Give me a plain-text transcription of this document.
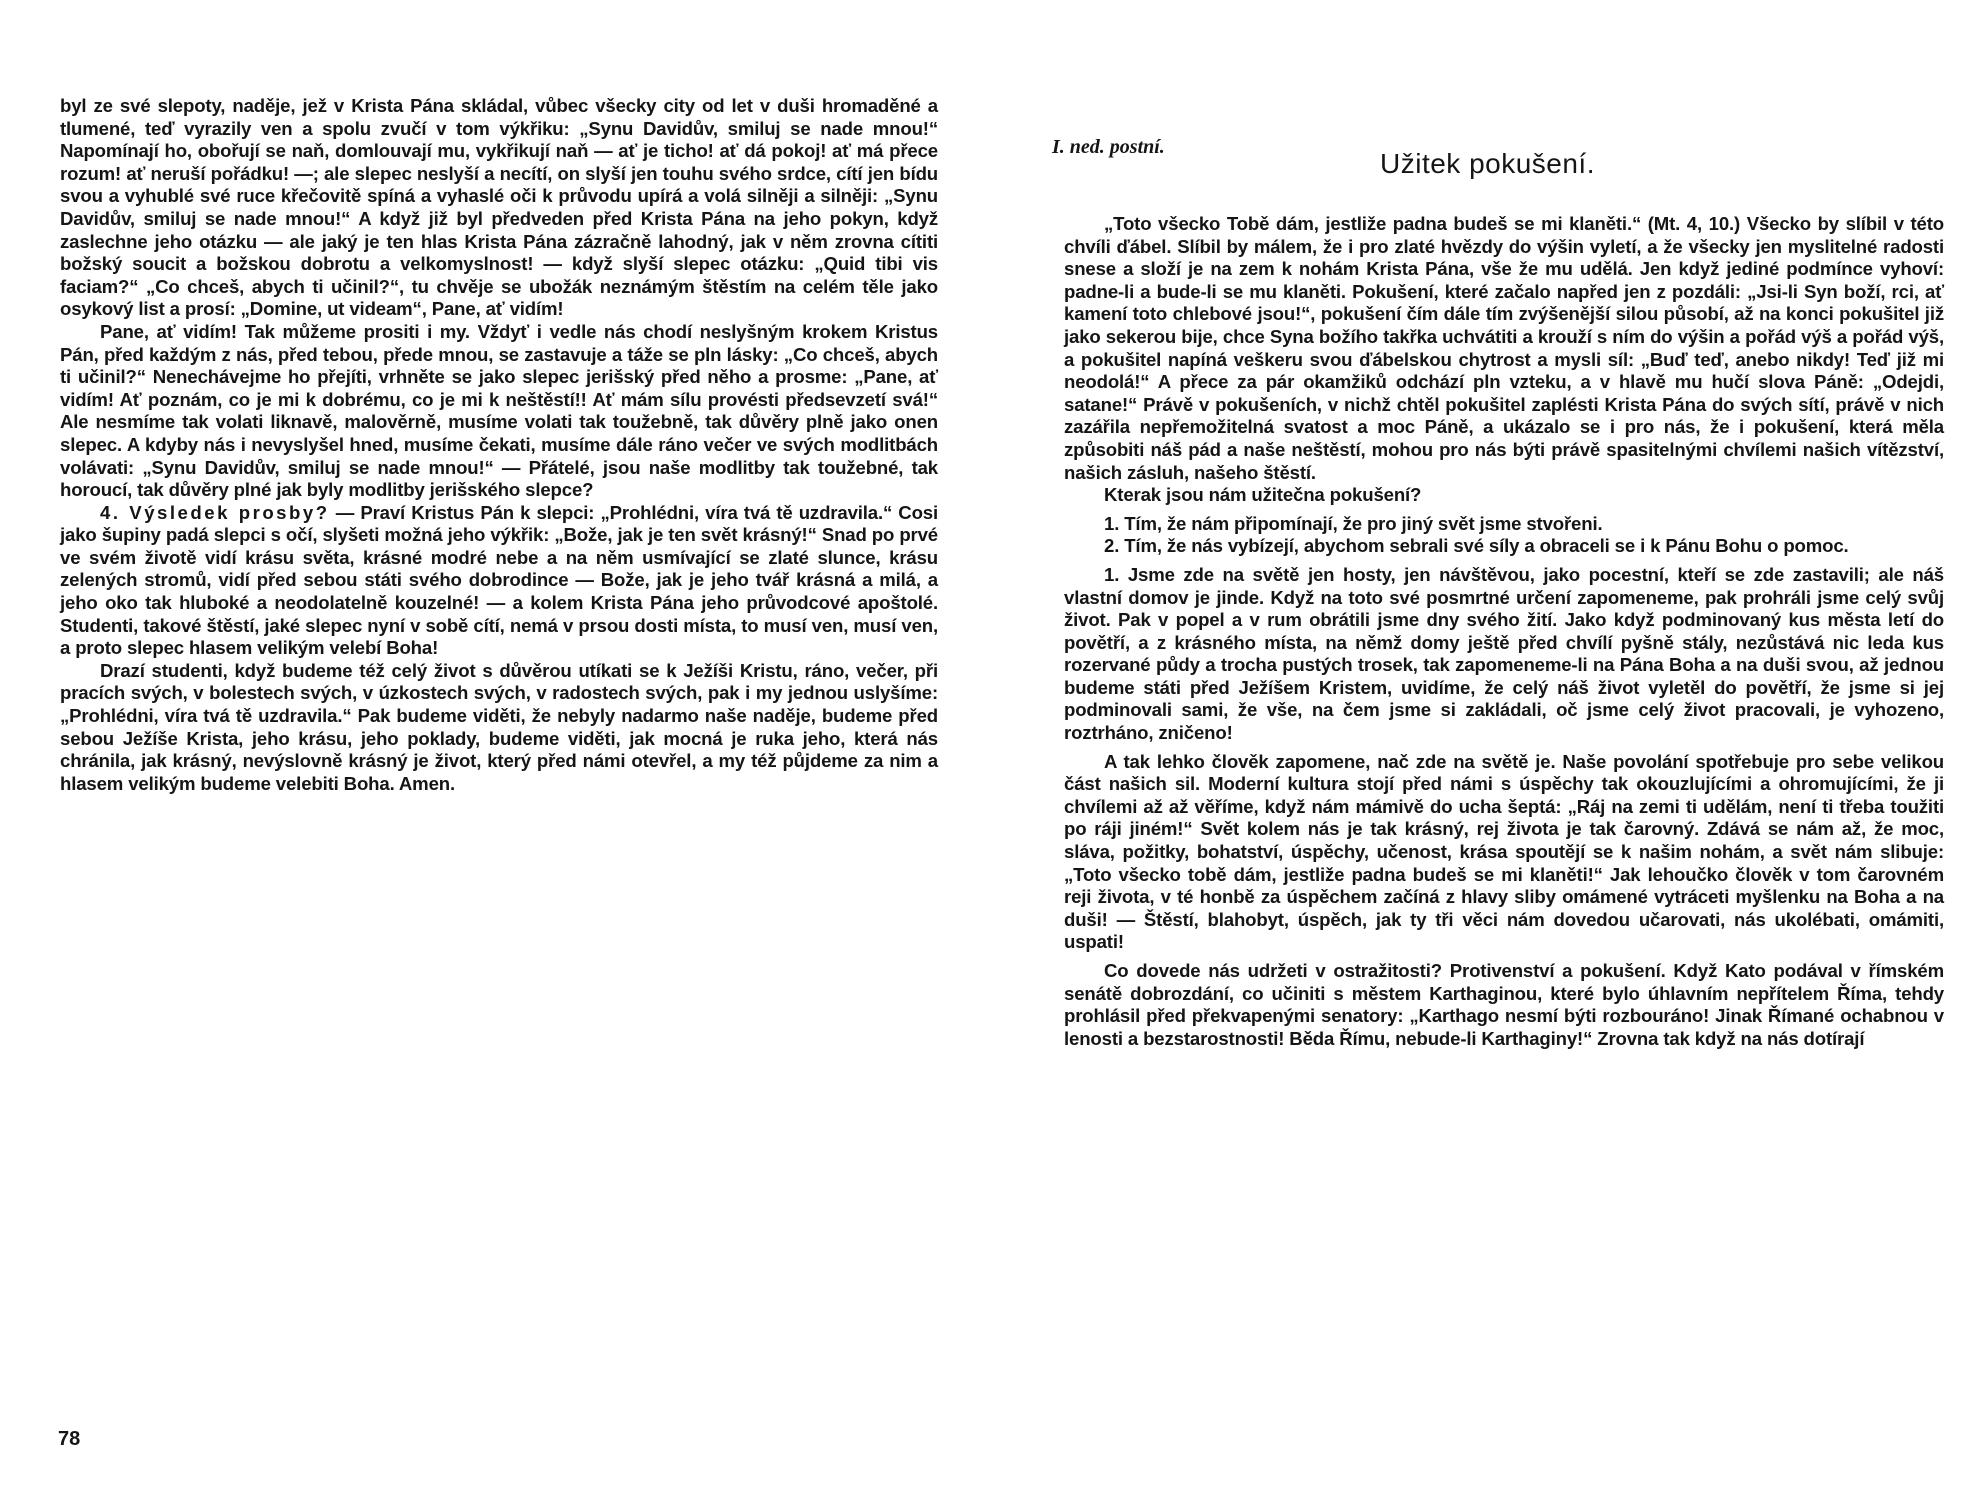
byl ze své slepoty, naděje, jež v Krista Pána skládal, vůbec všecky city od let v duši hromaděné a tlumené, teď vyrazily ven a spolu zvučí v tom výkřiku: „Synu Davidův, smiluj se nade mnou!“ Napomínají ho, obořují se naň, domlouvají mu, vykřikují naň — ať je ticho! ať dá pokoj! ať má přece rozum! ať neruší pořádku! —; ale slepec neslyší a necítí, on slyší jen touhu svého srdce, cítí jen bídu svou a vyhublé své ruce křečovitě spíná a vyhaslé oči k průvodu upírá a volá silněji a silněji: „Synu Davidův, smiluj se nade mnou!“ A když již byl předveden před Krista Pána na jeho pokyn, když zaslechne jeho otázku — ale jaký je ten hlas Krista Pána zázračně lahodný, jak v něm zrovna cítiti božský soucit a božskou dobrotu a velkomyslnost! — když slyší slepec otázku: „Quid tibi vis faciam?“ „Co chceš, abych ti učinil?“, tu chvěje se ubožák neznámým štěstím na celém těle jako osykový list a prosí: „Domine, ut videam“, Pane, ať vidím!

Pane, ať vidím! Tak můžeme prositi i my. Vždyť i vedle nás chodí neslyšným krokem Kristus Pán, před každým z nás, před tebou, přede mnou, se zastavuje a táže se pln lásky: „Co chceš, abych ti učinil?“ Nenechávejme ho přejíti, vrhněte se jako slepec jerišský před něho a prosme: „Pane, ať vidím! Ať poznám, co je mi k dobrému, co je mi k neštěstí!! Ať mám sílu provésti předsevzetí svá!“ Ale nesmíme tak volati liknavě, malověrně, musíme volati tak toužebně, tak důvěry plně jako onen slepec. A kdyby nás i nevyslyšel hned, musíme čekati, musíme dále ráno večer ve svých modlitbách volávati: „Synu Davidův, smiluj se nade mnou!“ — Přátelé, jsou naše modlitby tak toužebné, tak horoucí, tak důvěry plné jak byly modlitby jerišského slepce?

4. Výsledek prosby? — Praví Kristus Pán k slepci: „Prohlédni, víra tvá tě uzdravila.“ Cosi jako šupiny padá slepci s očí, slyšeti možná jeho výkřik: „Bože, jak je ten svět krásný!“ Snad po prvé ve svém životě vidí krásu světa, krásné modré nebe a na něm usmívající se zlaté slunce, krásu zelených stromů, vidí před sebou státi svého dobrodince — Bože, jak je jeho tvář krásná a milá, a jeho oko tak hluboké a neodolatelně kouzelné! — a kolem Krista Pána jeho průvodcové apoštolé. Studenti, takové štěstí, jaké slepec nyní v sobě cítí, nemá v prsou dosti místa, to musí ven, musí ven, a proto slepec hlasem velikým velebí Boha!

Drazí studenti, když budeme též celý život s důvěrou utíkati se k Ježíši Kristu, ráno, večer, při pracích svých, v bolestech svých, v úzkostech svých, v radostech svých, pak i my jednou uslyšíme: „Prohlédni, víra tvá tě uzdravila.“ Pak budeme viděti, že nebyly nadarmo naše naděje, budeme před sebou Ježíše Krista, jeho krásu, jeho poklady, budeme viděti, jak mocná je ruka jeho, která nás chránila, jak krásný, nevýslovně krásný je život, který před námi otevřel, a my též půjdeme za nim a hlasem velikým budeme velebiti Boha. Amen.

78
I. ned. postní.
Užitek pokušení.

„Toto všecko Tobě dám, jestliže padna budeš se mi klaněti.“ (Mt. 4, 10.) Všecko by slíbil v této chvíli ďábel. Slíbil by málem, že i pro zlaté hvězdy do výšin vyletí, a že všecky jen myslitelné radosti snese a složí je na zem k nohám Krista Pána, vše že mu udělá. Jen když jediné podmínce vyhoví: padne-li a bude-li se mu klaněti. Pokušení, které začalo napřed jen z pozdáli: „Jsi-li Syn boží, rci, ať kamení toto chlebové jsou!“, pokušení čím dále tím zvýšenější silou působí, až na konci pokušitel již jako sekerou bije, chce Syna božího takřka uchvátiti a krouží s ním do výšin a pořád výš a pořád výš, a pokušitel napíná veškeru svou ďábelskou chytrost a mysli síl: „Buď teď, anebo nikdy! Teď již mi neodolá!“ A přece za pár okamžiků odchází pln vzteku, a v hlavě mu hučí slova Páně: „Odejdi, satane!“ Právě v pokušeních, v nichž chtěl pokušitel zaplésti Krista Pána do svých sítí, právě v nich zazářila nepřemožitelná svatost a moc Páně, a ukázalo se i pro nás, že i pokušení, která měla způsobiti náš pád a naše neštěstí, mohou pro nás býti právě spasitelnými chvílemi našich vítězství, našich zásluh, našeho štěstí.

Kterak jsou nám užitečna pokušení?

1. Tím, že nám připomínají, že pro jiný svět jsme stvořeni.

2. Tím, že nás vybízejí, abychom sebrali své síly a obraceli se i k Pánu Bohu o pomoc.

1. Jsme zde na světě jen hosty, jen návštěvou, jako pocestní, kteří se zde zastavili; ale náš vlastní domov je jinde. Když na toto své posmrtné určení zapomeneme, pak prohráli jsme celý svůj život. Pak v popel a v rum obrátili jsme dny svého žití. Jako když podminovaný kus města letí do povětří, a z krásného místa, na němž domy ještě před chvílí pyšně stály, nezůstává nic leda kus rozervané půdy a trocha pustých trosek, tak zapomeneme-li na Pána Boha a na duši svou, až jednou budeme státi před Ježíšem Kristem, uvidíme, že celý náš život vyletěl do povětří, že jsme si jej podminovali sami, že vše, na čem jsme si zakládali, oč jsme celý život pracovali, je vyhozeno, roztrháno, zničeno!

A tak lehko člověk zapomene, nač zde na světě je. Naše povolání spotřebuje pro sebe velikou část našich sil. Moderní kultura stojí před námi s úspěchy tak okouzlujícími a ohromujícími, že ji chvílemi až až věříme, když nám mámivě do ucha šeptá: „Ráj na zemi ti udělám, není ti třeba toužiti po ráji jiném!“ Svět kolem nás je tak krásný, rej života je tak čarovný. Zdává se nám až, že moc, sláva, požitky, bohatství, úspěchy, učenost, krása spoutějí se k našim nohám, a svět nám slibuje: „Toto všecko tobě dám, jestliže padna budeš se mi klaněti!“ Jak lehoučko člověk v tom čarovném reji života, v té honbě za úspěchem začíná z hlavy sliby omámené vytráceti myšlenku na Boha a na duši! — Štěstí, blahobyt, úspěch, jak ty tři věci nám dovedou učarovati, nás ukolébati, omámiti, uspati!

Co dovede nás udržeti v ostražitosti? Protivenství a pokušení. Když Kato podával v římském senátě dobrozdání, co učiniti s městem Karthaginou, které bylo úhlavním nepřítelem Říma, tehdy prohlásil před překvapenými senatory: „Karthago nesmí býti rozbouráno! Jinak Římané ochabnou v lenosti a bezstarostnosti! Běda Římu, nebude-li Karthaginy!“ Zrovna tak když na nás dotírají
